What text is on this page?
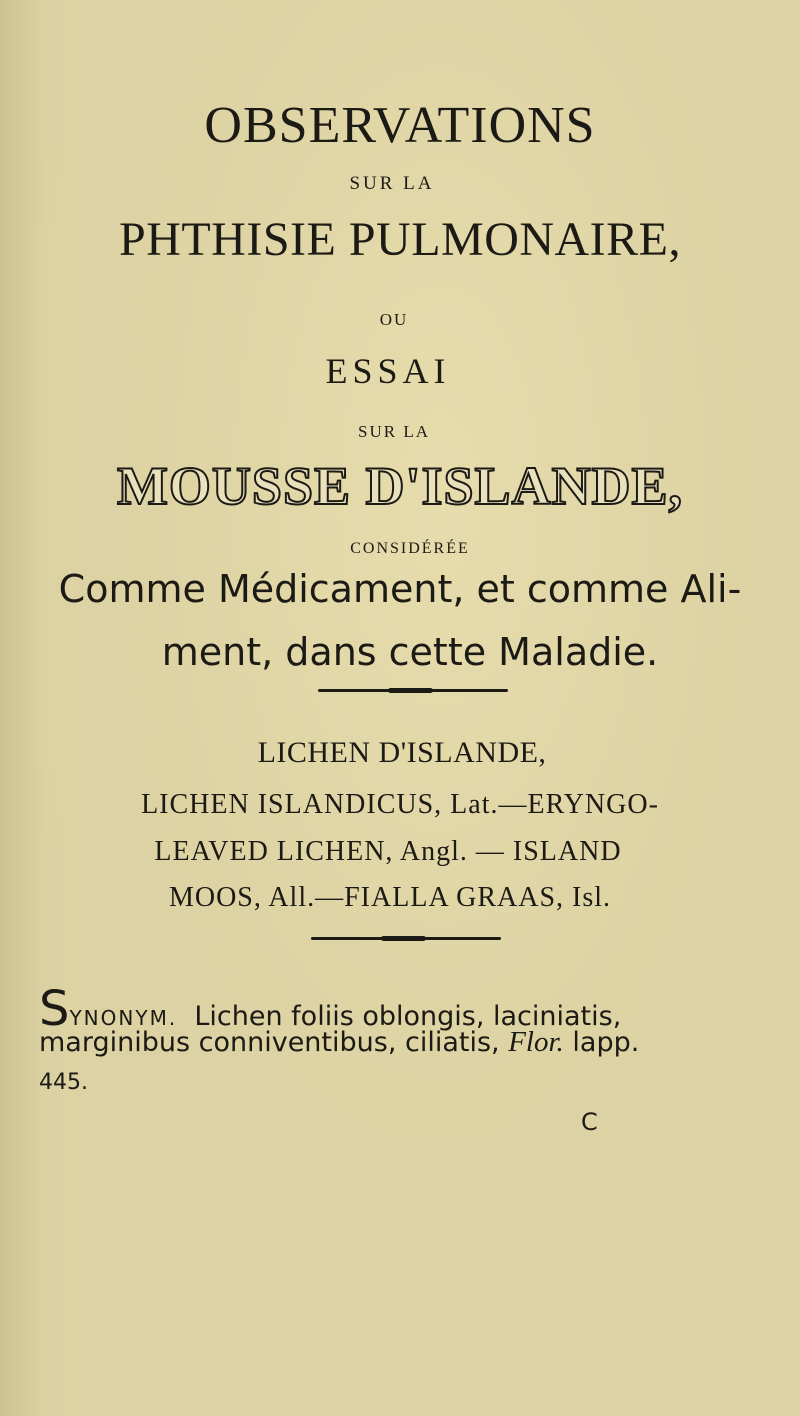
OBSERVATIONS
SUR LA
PHTHISIE PULMONAIRE,
OU
ESSAI
SUR LA
MOUSSE D'ISLANDE,
CONSIDÉRÉE
Comme Médicament, et comme Ali-
ment, dans cette Maladie.
LICHEN D'ISLANDE,
LICHEN ISLANDICUS, Lat.—ERYNGO-
LEAVED LICHEN, Angl. — ISLAND
MOOS, All.—FIALLA GRAAS, Isl.
SYNONYM. Lichen foliis oblongis, laciniatis,
marginibus conniventibus, ciliatis, Flor. lapp.
445.
C
